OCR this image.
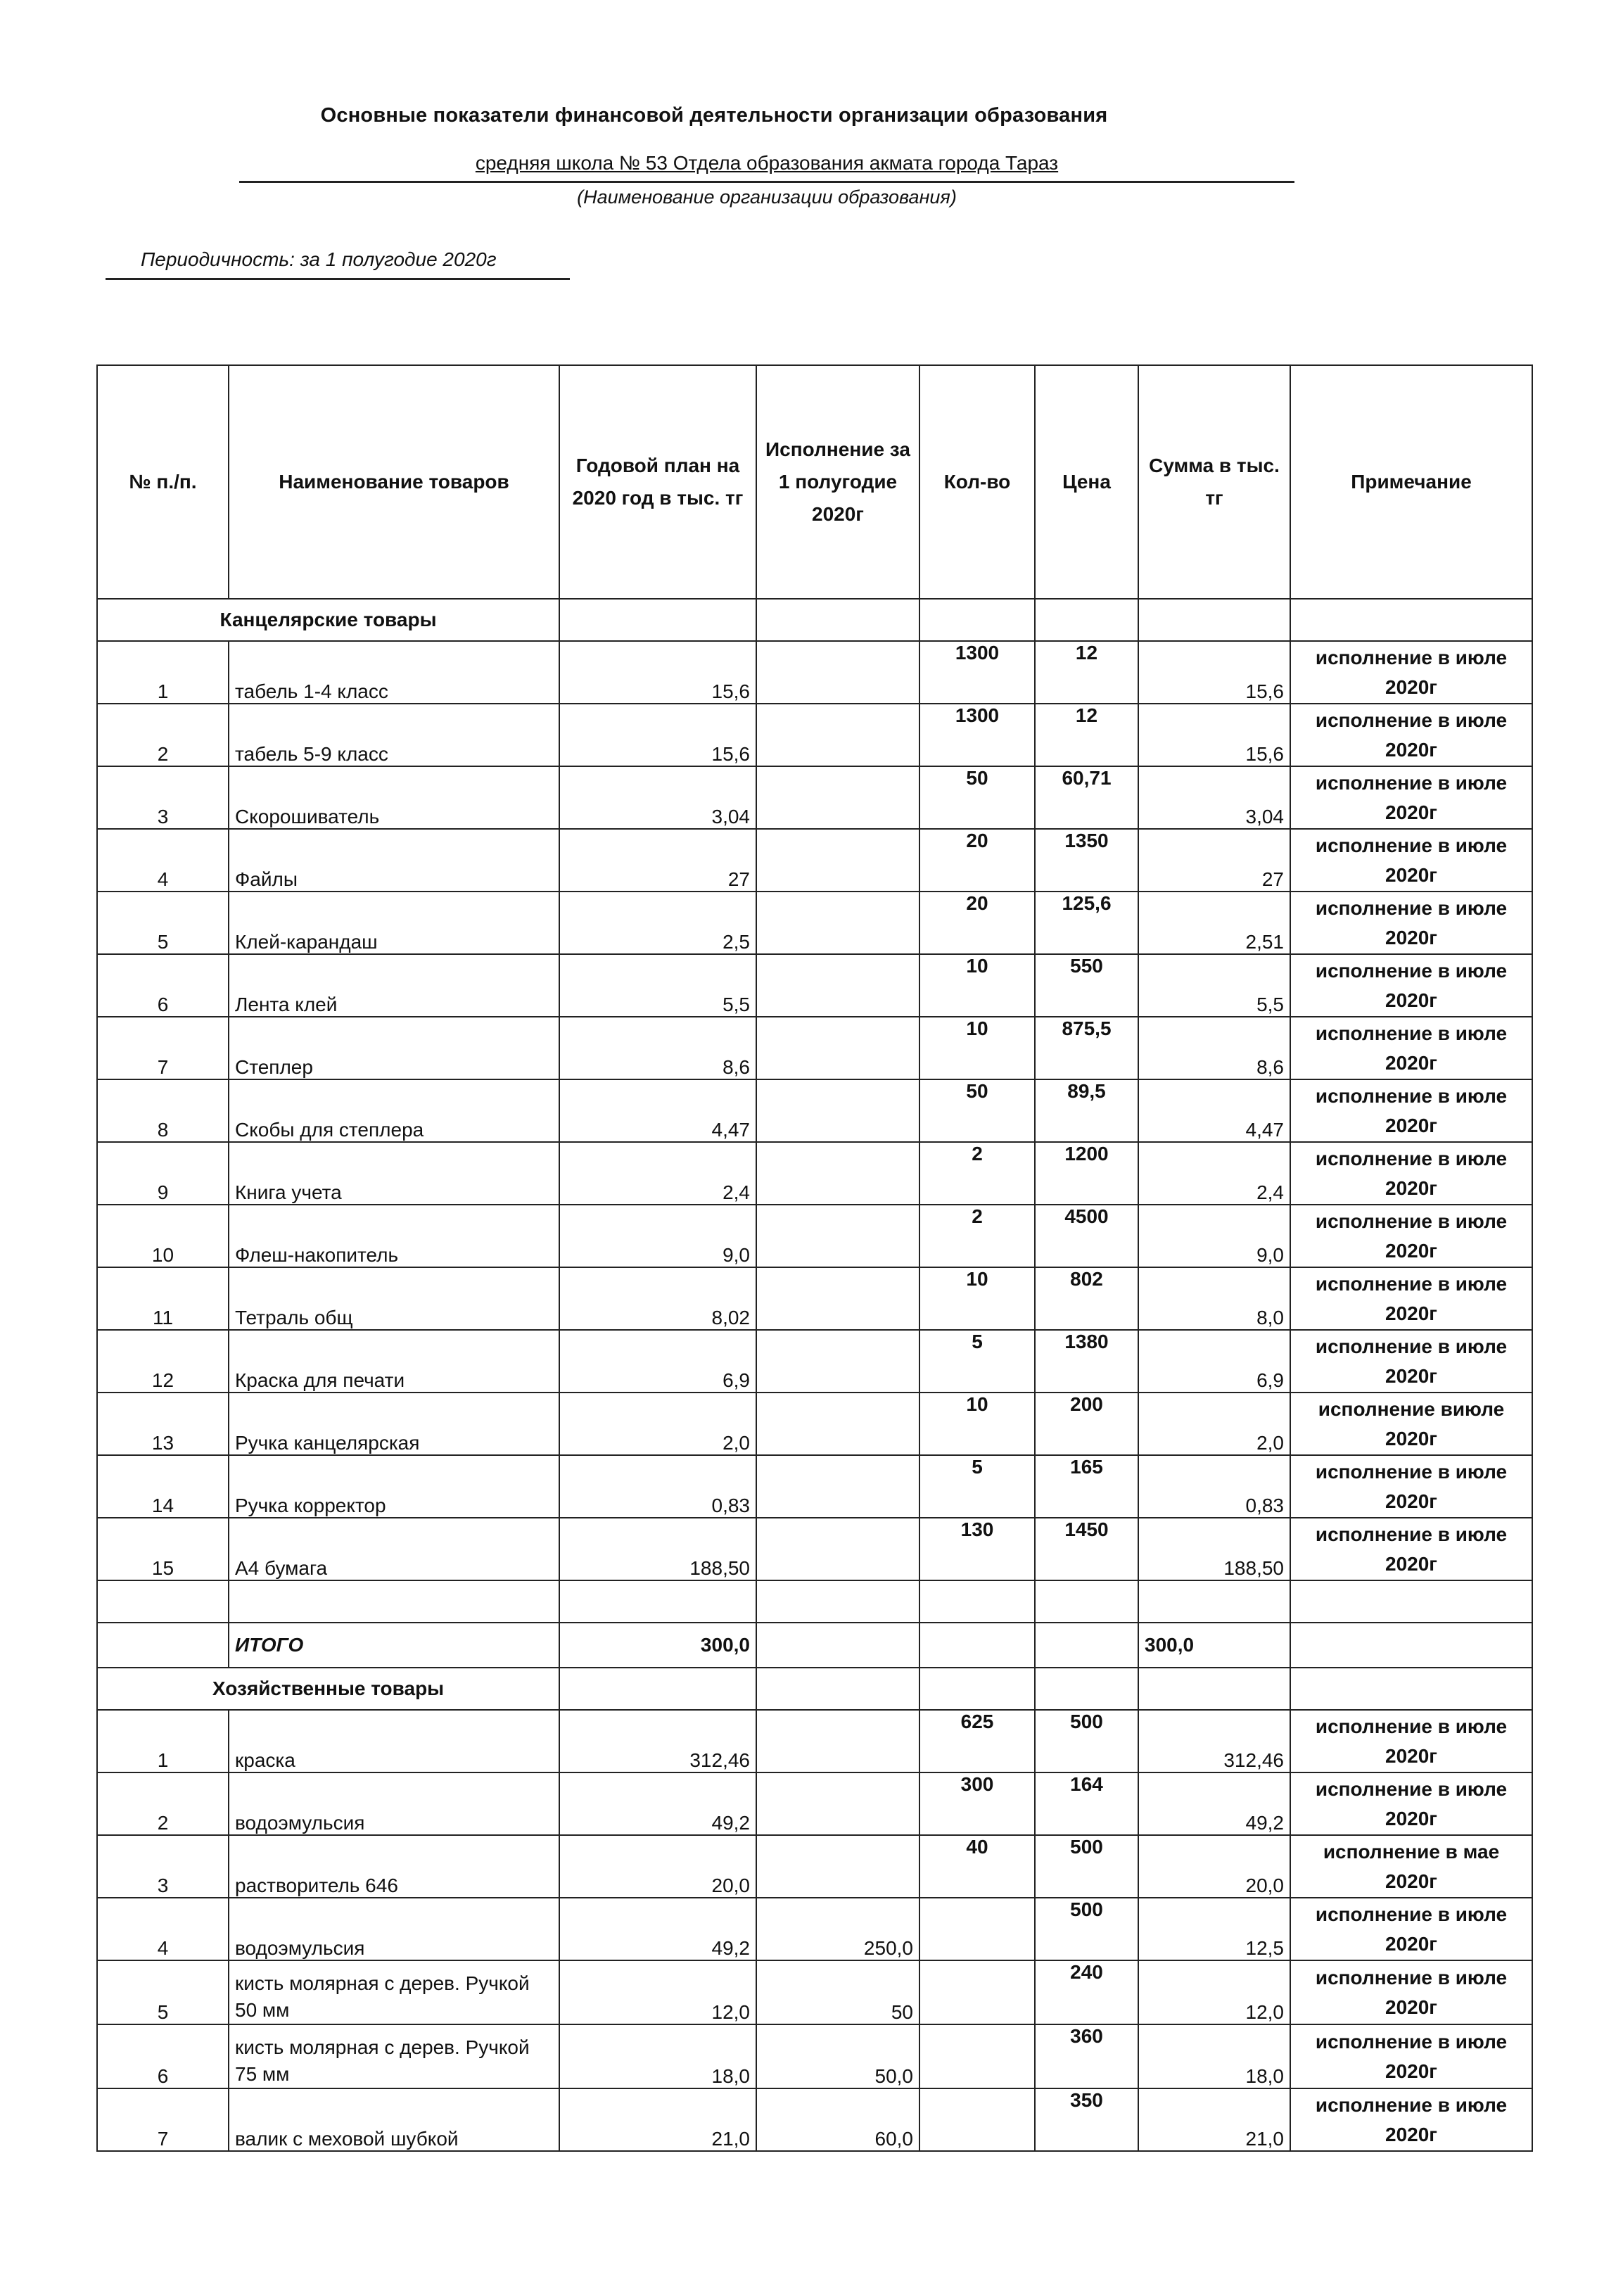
Основные показатели финансовой деятельности организации образования
средняя школа № 53 Отдела образования акмата города Тараз
(Наименование организации образования)
Периодичность: за 1 полугодие 2020г
№ п./п.	Наименование товаров	Годовой план на 2020 год в тыс. тг	Исполнение за 1 полугодие 2020г	Кол-во	Цена	Сумма в тыс. тг	Примечание
Канцелярские товары							
1	табель 1-4 класс	15,6		1300	12	15,6	исполнение в июле 2020г
2	табель 5-9 класс	15,6		1300	12	15,6	исполнение в июле 2020г
3	Скорошиватель	3,04		50	60,71	3,04	исполнение в июле 2020г
4	Файлы	27		20	1350	27	исполнение в июле 2020г
5	Клей-карандаш	2,5		20	125,6	2,51	исполнение в июле 2020г
6	Лента клей	5,5		10	550	5,5	исполнение в июле 2020г
7	Степлер	8,6		10	875,5	8,6	исполнение в июле 2020г
8	Скобы для степлера	4,47		50	89,5	4,47	исполнение в июле 2020г
9	Книга учета	2,4		2	1200	2,4	исполнение в июле 2020г
10	Флеш-накопитель	9,0		2	4500	9,0	исполнение в июле 2020г
11	Тетраль общ	8,02		10	802	8,0	исполнение в июле 2020г
12	Краска для печати	6,9		5	1380	6,9	исполнение в июле 2020г
13	Ручка канцелярская	2,0		10	200	2,0	исполнение виюле 2020г
14	Ручка корректор	0,83		5	165	0,83	исполнение в июле 2020г
15	А4 бумага	188,50		130	1450	188,50	исполнение в июле 2020г

	ИТОГО	300,0				300,0	
Хозяйственные товары							
1	краска	312,46		625	500	312,46	исполнение в июле 2020г
2	водоэмульсия	49,2		300	164	49,2	исполнение в июле 2020г
3	растворитель 646	20,0		40	500	20,0	исполнение в мае 2020г
4	водоэмульсия	49,2	250,0		500	12,5	исполнение в июле 2020г
5	кисть молярная с дерев. Ручкой 50 мм	12,0	50		240	12,0	исполнение в июле 2020г
6	кисть молярная с дерев. Ручкой 75 мм	18,0	50,0		360	18,0	исполнение в июле 2020г
7	валик с меховой шубкой	21,0	60,0		350	21,0	исполнение в июле 2020г
